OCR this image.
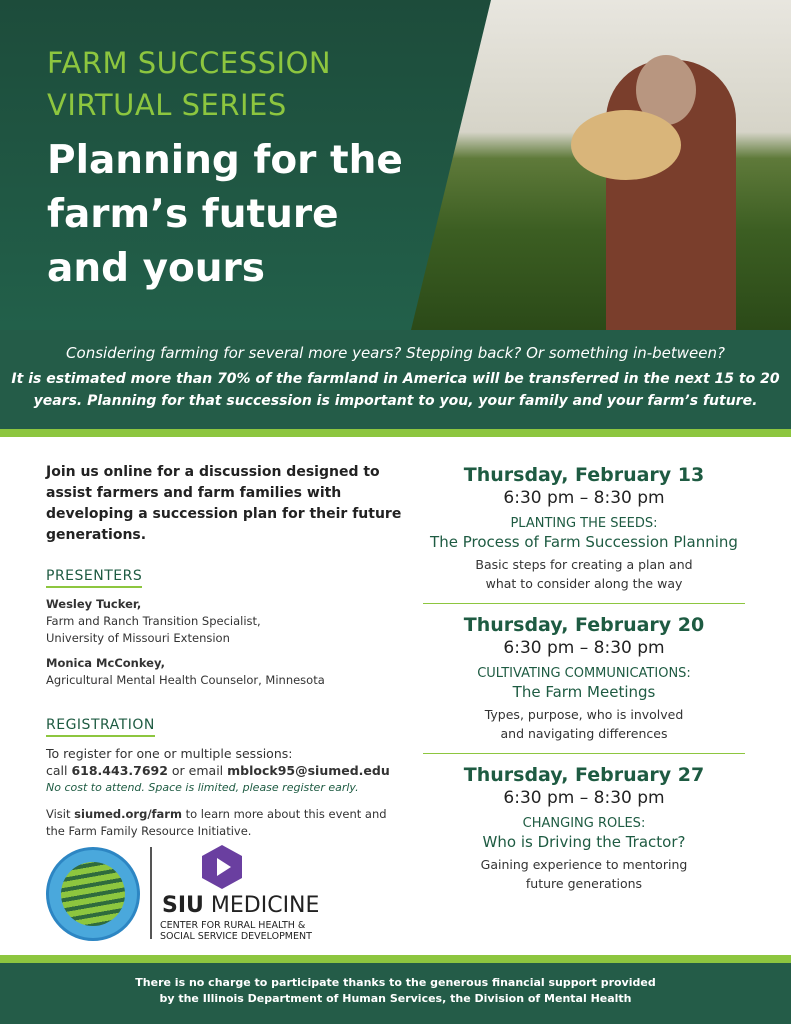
FARM SUCCESSION
VIRTUAL SERIES
Planning for the farm’s future and yours
Considering farming for several more years? Stepping back? Or something in-between?
It is estimated more than 70% of the farmland in America will be transferred in the next 15 to 20 years. Planning for that succession is important to you, your family and your farm’s future.
Join us online for a discussion designed to assist farmers and farm families with developing a succession plan for their future generations.
PRESENTERS
Wesley Tucker,
Farm and Ranch Transition Specialist,
University of Missouri Extension
Monica McConkey,
Agricultural Mental Health Counselor, Minnesota
REGISTRATION
To register for one or multiple sessions:
call 618.443.7692 or email mblock95@siumed.edu
No cost to attend. Space is limited, please register early.
Visit siumed.org/farm to learn more about this event and the Farm Family Resource Initiative.
Thursday, February 13
6:30 pm – 8:30 pm
PLANTING THE SEEDS:
The Process of Farm Succession Planning
Basic steps for creating a plan and
what to consider along the way
Thursday, February 20
6:30 pm – 8:30 pm
CULTIVATING COMMUNICATIONS:
The Farm Meetings
Types, purpose, who is involved
and navigating differences
Thursday, February 27
6:30 pm – 8:30 pm
CHANGING ROLES:
Who is Driving the Tractor?
Gaining experience to mentoring
future generations
SIU MEDICINE
CENTER FOR RURAL HEALTH &
SOCIAL SERVICE DEVELOPMENT
There is no charge to participate thanks to the generous financial support provided
by the Illinois Department of Human Services, the Division of Mental Health
